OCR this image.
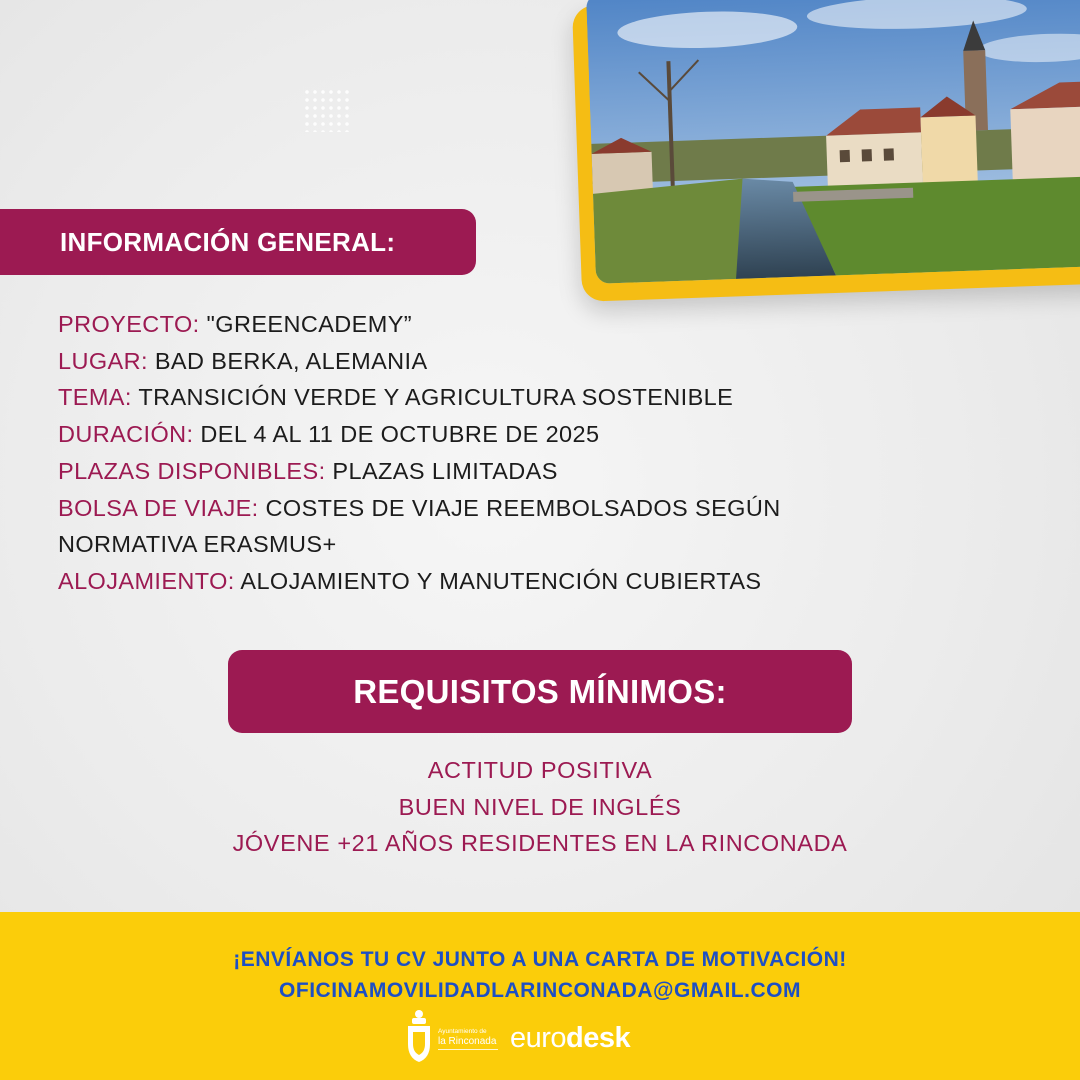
INFORMACIÓN GENERAL:
PROYECTO: "GREENCADEMY”
LUGAR: BAD BERKA, ALEMANIA
TEMA: TRANSICIÓN VERDE Y AGRICULTURA SOSTENIBLE
DURACIÓN: DEL 4 AL 11 DE OCTUBRE DE 2025
PLAZAS DISPONIBLES: PLAZAS LIMITADAS
BOLSA DE VIAJE: COSTES DE VIAJE REEMBOLSADOS SEGÚN
NORMATIVA ERASMUS+
ALOJAMIENTO: ALOJAMIENTO Y MANUTENCIÓN CUBIERTAS
REQUISITOS MÍNIMOS:
ACTITUD POSITIVA
BUEN NIVEL DE INGLÉS
JÓVENE +21 AÑOS RESIDENTES EN LA RINCONADA
¡ENVÍANOS TU CV JUNTO A UNA CARTA DE MOTIVACIÓN!
OFICINAMOVILIDADLARINCONADA@GMAIL.COM
Ayuntamiento de
la Rinconada eurodesk
